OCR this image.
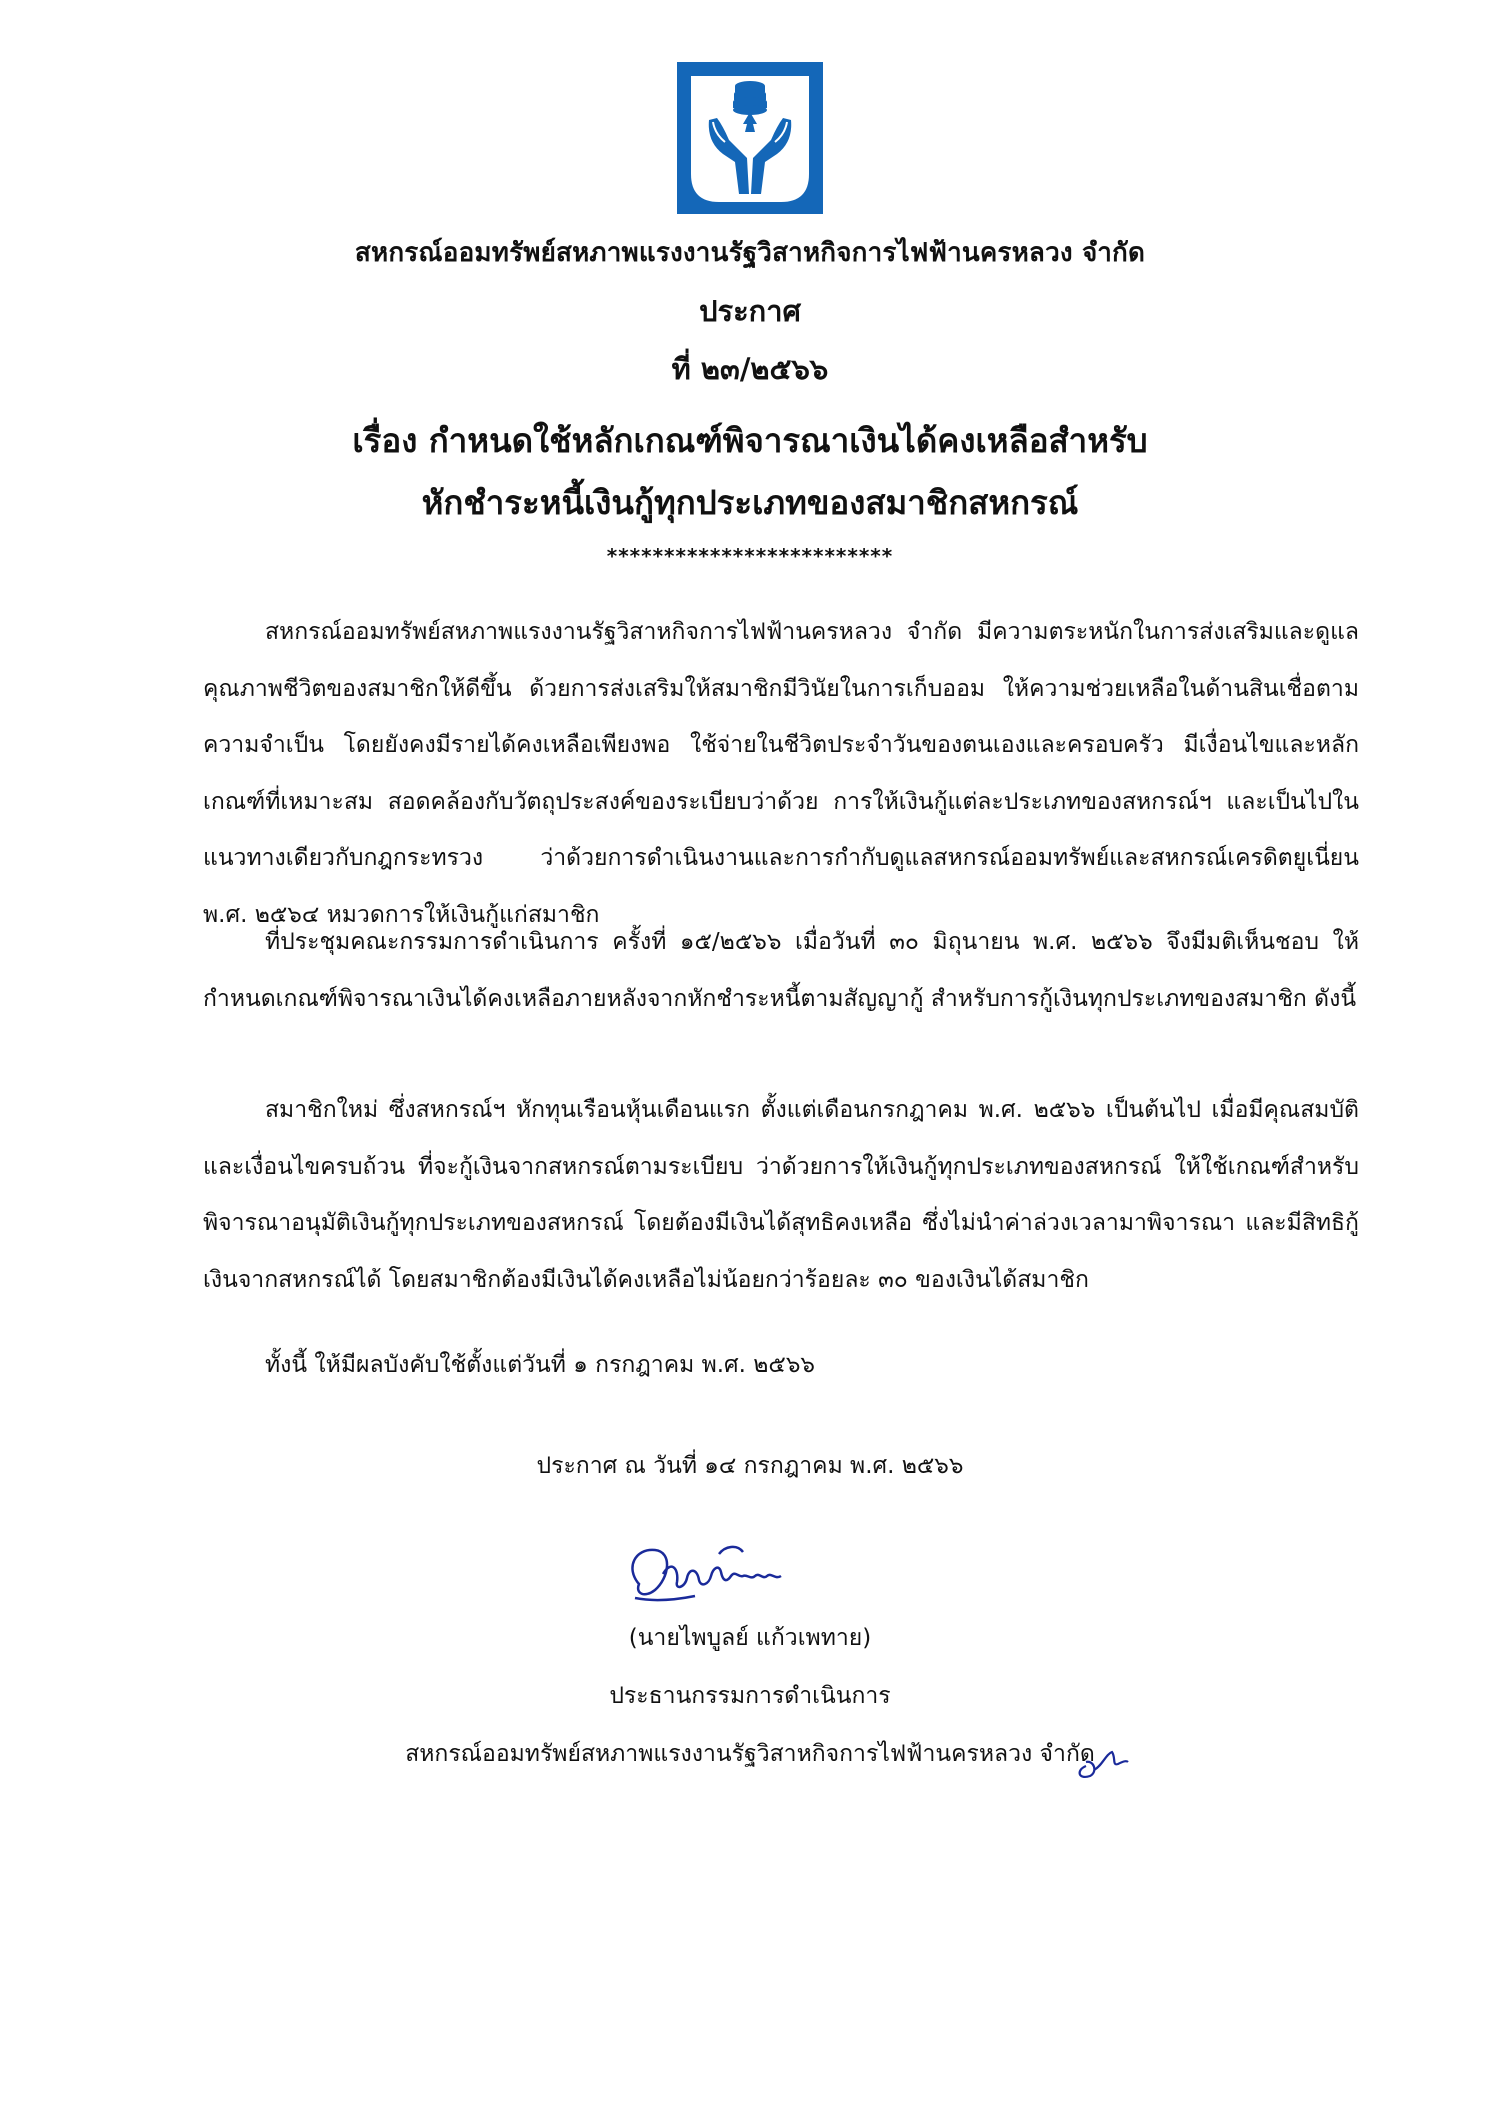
สหกรณ์ออมทรัพย์สหภาพแรงงานรัฐวิสาหกิจการไฟฟ้านครหลวง จำกัด
ประกาศ
ที่ ๒๓/๒๕๖๖
เรื่อง กำหนดใช้หลักเกณฑ์พิจารณาเงินได้คงเหลือสำหรับ
หักชำระหนี้เงินกู้ทุกประเภทของสมาชิกสหกรณ์
*************************

สหกรณ์ออมทรัพย์สหภาพแรงงานรัฐวิสาหกิจการไฟฟ้านครหลวง จำกัด มีความตระหนักในการส่งเสริมและดูแลคุณภาพชีวิตของสมาชิกให้ดีขึ้น ด้วยการส่งเสริมให้สมาชิกมีวินัยในการเก็บออม ให้ความช่วยเหลือในด้านสินเชื่อตามความจำเป็น โดยยังคงมีรายได้คงเหลือเพียงพอ ใช้จ่ายในชีวิตประจำวันของตนเองและครอบครัว มีเงื่อนไขและหลักเกณฑ์ที่เหมาะสม สอดคล้องกับวัตถุประสงค์ของระเบียบว่าด้วย การให้เงินกู้แต่ละประเภทของสหกรณ์ฯ และเป็นไปในแนวทางเดียวกับกฎกระทรวง ว่าด้วยการดำเนินงานและการกำกับดูแลสหกรณ์ออมทรัพย์และสหกรณ์เครดิตยูเนี่ยน พ.ศ. ๒๕๖๔ หมวดการให้เงินกู้แก่สมาชิก

ที่ประชุมคณะกรรมการดำเนินการ ครั้งที่ ๑๕/๒๕๖๖ เมื่อวันที่ ๓๐ มิถุนายน พ.ศ. ๒๕๖๖ จึงมีมติเห็นชอบ ให้กำหนดเกณฑ์พิจารณาเงินได้คงเหลือภายหลังจากหักชำระหนี้ตามสัญญากู้ สำหรับการกู้เงินทุกประเภทของสมาชิก ดังนี้

สมาชิกใหม่ ซึ่งสหกรณ์ฯ หักทุนเรือนหุ้นเดือนแรก ตั้งแต่เดือนกรกฎาคม พ.ศ. ๒๕๖๖ เป็นต้นไป เมื่อมีคุณสมบัติและเงื่อนไขครบถ้วน ที่จะกู้เงินจากสหกรณ์ตามระเบียบ ว่าด้วยการให้เงินกู้ทุกประเภทของสหกรณ์ ให้ใช้เกณฑ์สำหรับพิจารณาอนุมัติเงินกู้ทุกประเภทของสหกรณ์ โดยต้องมีเงินได้สุทธิคงเหลือ ซึ่งไม่นำค่าล่วงเวลามาพิจารณา และมีสิทธิกู้เงินจากสหกรณ์ได้ โดยสมาชิกต้องมีเงินได้คงเหลือไม่น้อยกว่าร้อยละ ๓๐ ของเงินได้สมาชิก

ทั้งนี้ ให้มีผลบังคับใช้ตั้งแต่วันที่ ๑ กรกฎาคม พ.ศ. ๒๕๖๖
ประกาศ ณ วันที่ ๑๔ กรกฎาคม พ.ศ. ๒๕๖๖
(นายไพบูลย์ แก้วเพทาย)
ประธานกรรมการดำเนินการ
สหกรณ์ออมทรัพย์สหภาพแรงงานรัฐวิสาหกิจการไฟฟ้านครหลวง จำกัด
